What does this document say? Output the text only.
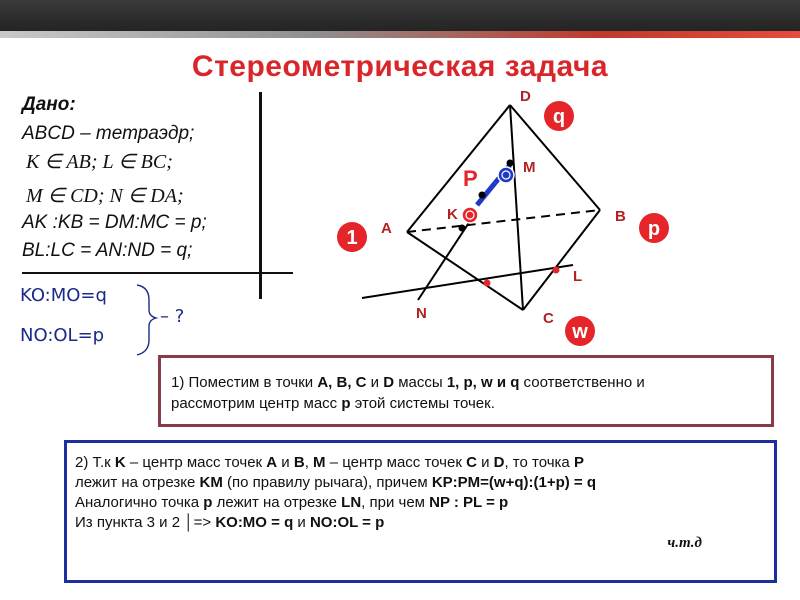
Стереометрическая задача
Дано:
ABCD – тетраэдр;
K ∈ AB; L ∈ BC;
M ∈ CD; N ∈ DA;
AK :KB = DM:MC = p;
BL:LC = AN:ND = q;
KO:MO=q
NO:OL=p
– ?
D
M
K
A
B
L
N	C
P
q
1	p
w
1) Поместим в точки A, B, C и D массы 1, p, w и q соответственно и
рассмотрим центр масс p этой системы точек.
2) Т.к K – центр масс точек A и B, M – центр масс точек C и D, то точка P
лежит на отрезке KM (по правилу рычага), причем KP:PM=(w+q):(1+p) = q
Аналогично точка p лежит на отрезке LN, при чем NP : PL = p
Из пункта 3 и 2 │=> KO:MO = q и NO:OL = p
ч.т.д
